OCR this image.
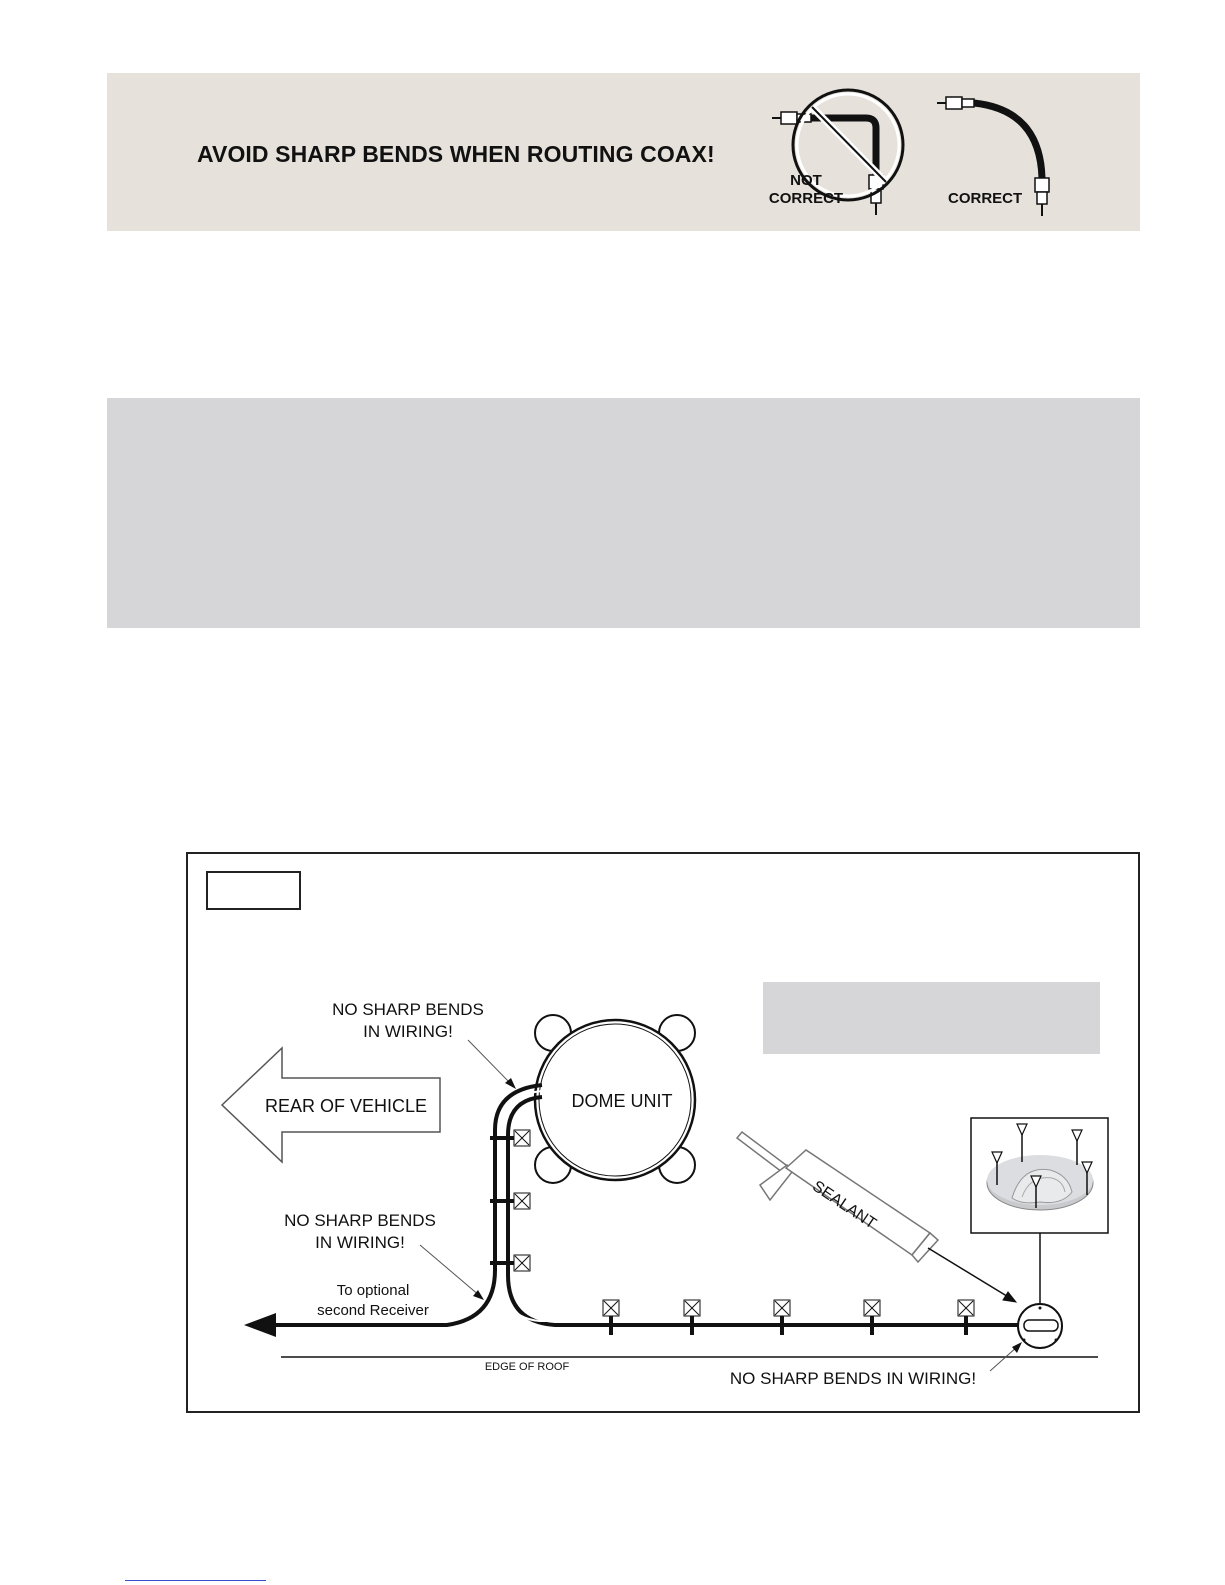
AVOID SHARP BENDS WHEN ROUTING COAX!
NOT
CORRECT	CORRECT
REAR OF VEHICLE	DOME UNIT
SEALANT
EDGE OF ROOF
NO SHARP BENDS
IN WIRING!
NO SHARP BENDS
IN WIRING!
To optional
second Receiver
NO SHARP BENDS IN WIRING!
